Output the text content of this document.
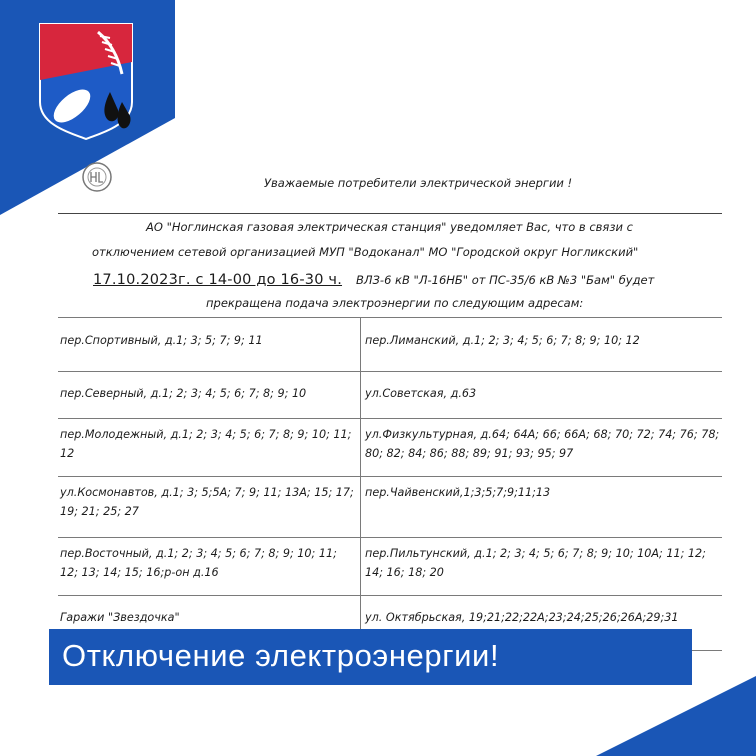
Уважаемые потребители электрической энергии !
АО "Ноглинская газовая электрическая станция" уведомляет Вас, что в связи с
отключением сетевой организацией МУП "Водоканал" МО "Городской округ Ногликский"
17.10.2023г. с 14-00 до 16-30 ч. ВЛЗ-6 кВ "Л-16НБ" от ПС-35/6 кВ №3 "Бам" будет
прекращена подача электроэнергии по следующим адресам:
пер.Спортивный, д.1; 3; 5; 7; 9; 11	пер.Лиманский, д.1; 2; 3; 4; 5; 6; 7; 8; 9; 10; 12
пер.Северный, д.1; 2; 3; 4; 5; 6; 7; 8; 9; 10	ул.Советская, д.63
пер.Молодежный, д.1; 2; 3; 4; 5; 6; 7; 8; 9; 10; 11; 12	ул.Физкультурная, д.64; 64А; 66; 66А; 68; 70; 72; 74; 76; 78; 80; 82; 84; 86; 88; 89; 91; 93; 95; 97
ул.Космонавтов, д.1; 3; 5;5А; 7; 9; 11; 13А; 15; 17; 19; 21; 25; 27	пер.Чайвенский,1;3;5;7;9;11;13
пер.Восточный, д.1; 2; 3; 4; 5; 6; 7; 8; 9; 10; 11; 12; 13; 14; 15; 16;р-он д.16	пер.Пильтунский, д.1; 2; 3; 4; 5; 6; 7; 8; 9; 10; 10А; 11; 12; 14; 16; 18; 20
Гаражи "Звездочка"	ул. Октябрьская, 19;21;22;22А;23;24;25;26;26А;29;31
Отключение электроэнергии!
